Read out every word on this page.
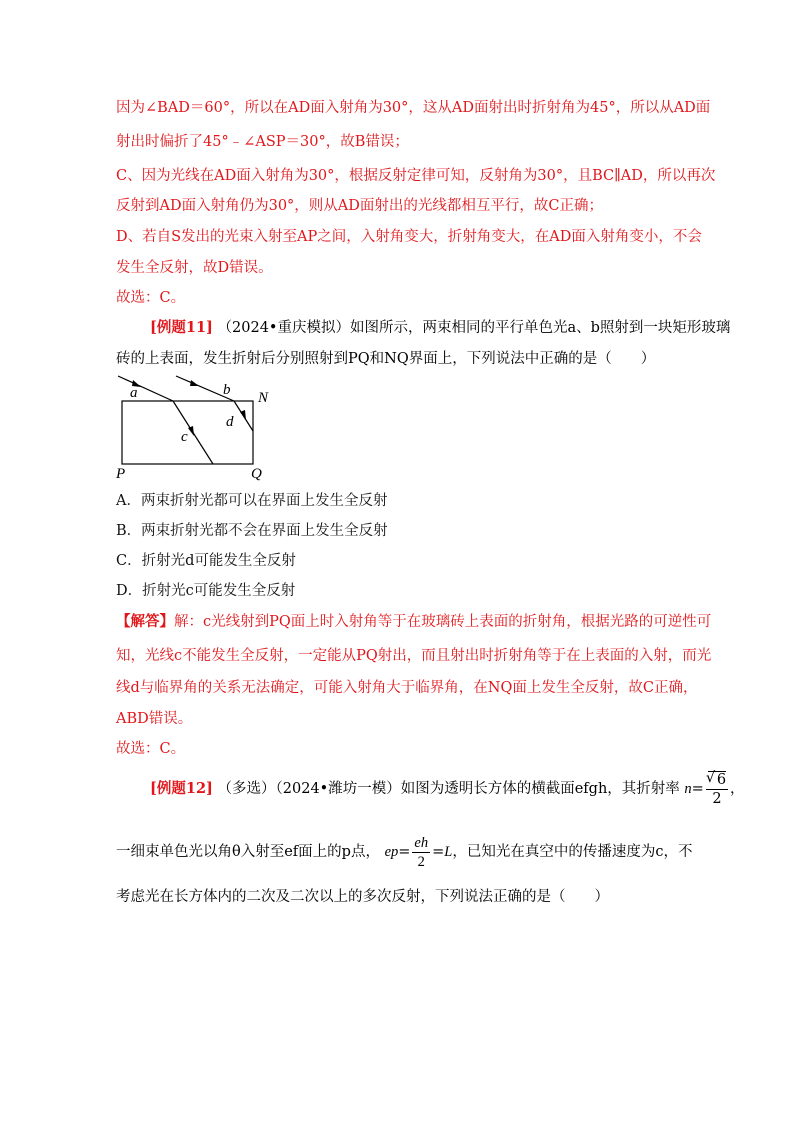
因为∠BAD＝60°，所以在AD面入射角为30°，这从AD面射出时折射角为45°，所以从AD面
射出时偏折了45°﹣∠ASP＝30°，故B错误；
C、因为光线在AD面入射角为30°，根据反射定律可知，反射角为30°，且BC∥AD，所以再次
反射到AD面入射角仍为30°，则从AD面射出的光线都相互平行，故C正确；
D、若自S发出的光束入射至AP之间，入射角变大，折射角变大，在AD面入射角变小，不会
发生全反射，故D错误。
故选：C。
[例题11] （2024•重庆模拟）如图所示，两束相同的平行单色光a、b照射到一块矩形玻璃
砖的上表面，发生折射后分别照射到PQ和NQ界面上，下列说法中正确的是（　　）
a	b
c
d
N
P	Q
A．两束折射光都可以在界面上发生全反射
B．两束折射光都不会在界面上发生全反射
C．折射光d可能发生全反射
D．折射光c可能发生全反射
【解答】解：c光线射到PQ面上时入射角等于在玻璃砖上表面的折射角，根据光路的可逆性可
知，光线c不能发生全反射，一定能从PQ射出，而且射出时折射角等于在上表面的入射，而光
线d与临界角的关系无法确定，可能入射角大于临界角，在NQ面上发生全反射，故C正确，
ABD错误。
故选：C。
[例题12] （多选）（2024•潍坊一模）如图为透明长方体的横截面efgh，其折射率 n=
√ $\frac{6}{2}$ ，
一细束单色光以角θ入射至ef面上的p点， $ep= \frac{eh}{2} =L$，已知光在真空中的传播速度为c，不
考虑光在长方体内的二次及二次以上的多次反射，下列说法正确的是（　　）
